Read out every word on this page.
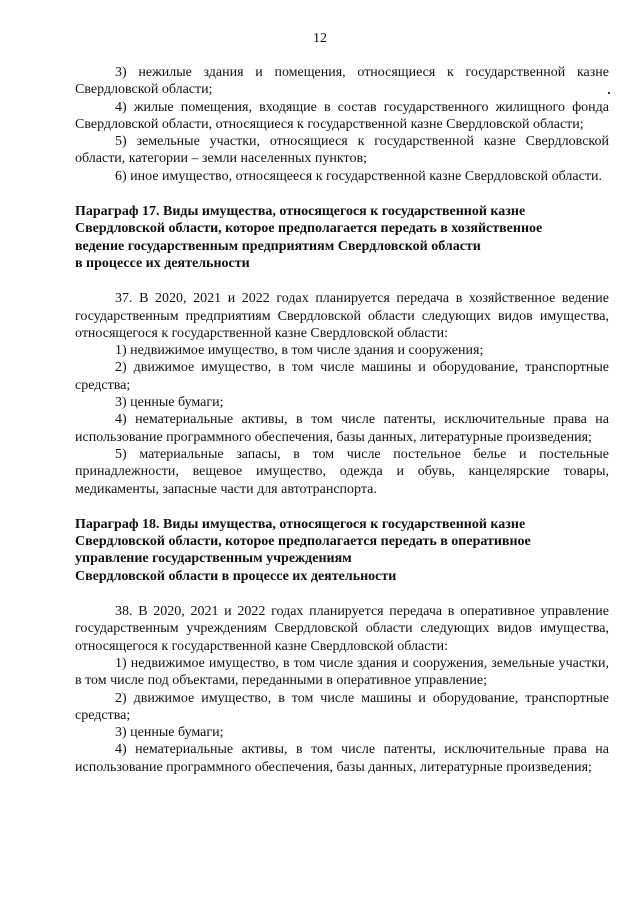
12

3) нежилые здания и помещения, относящиеся к государственной казне Свердловской области;

4) жилые помещения, входящие в состав государственного жилищного фонда Свердловской области, относящиеся к государственной казне Свердловской области;

5) земельные участки, относящиеся к государственной казне Свердловской области, категории – земли населенных пунктов;

6) иное имущество, относящееся к государственной казне Свердловской области.

Параграф 17. Виды имущества, относящегося к государственной казне

Свердловской области, которое предполагается передать в хозяйственное

ведение государственным предприятиям Свердловской области

в процессе их деятельности

37. В 2020, 2021 и 2022 годах планируется передача в хозяйственное ведение государственным предприятиям Свердловской области следующих видов имущества, относящегося к государственной казне Свердловской области:

1) недвижимое имущество, в том числе здания и сооружения;

2) движимое имущество, в том числе машины и оборудование, транспортные средства;

3) ценные бумаги;

4) нематериальные активы, в том числе патенты, исключительные права на использование программного обеспечения, базы данных, литературные произведения;

5) материальные запасы, в том числе постельное белье и постельные принадлежности, вещевое имущество, одежда и обувь, канцелярские товары, медикаменты, запасные части для автотранспорта.

Параграф 18. Виды имущества, относящегося к государственной казне

Свердловской области, которое предполагается передать в оперативное

управление государственным учреждениям

Свердловской области в процессе их деятельности

38. В 2020, 2021 и 2022 годах планируется передача в оперативное управление государственным учреждениям Свердловской области следующих видов имущества, относящегося к государственной казне Свердловской области:

1) недвижимое имущество, в том числе здания и сооружения, земельные участки, в том числе под объектами, переданными в оперативное управление;

2) движимое имущество, в том числе машины и оборудование, транспортные средства;

3) ценные бумаги;

4) нематериальные активы, в том числе патенты, исключительные права на использование программного обеспечения, базы данных, литературные произведения;
